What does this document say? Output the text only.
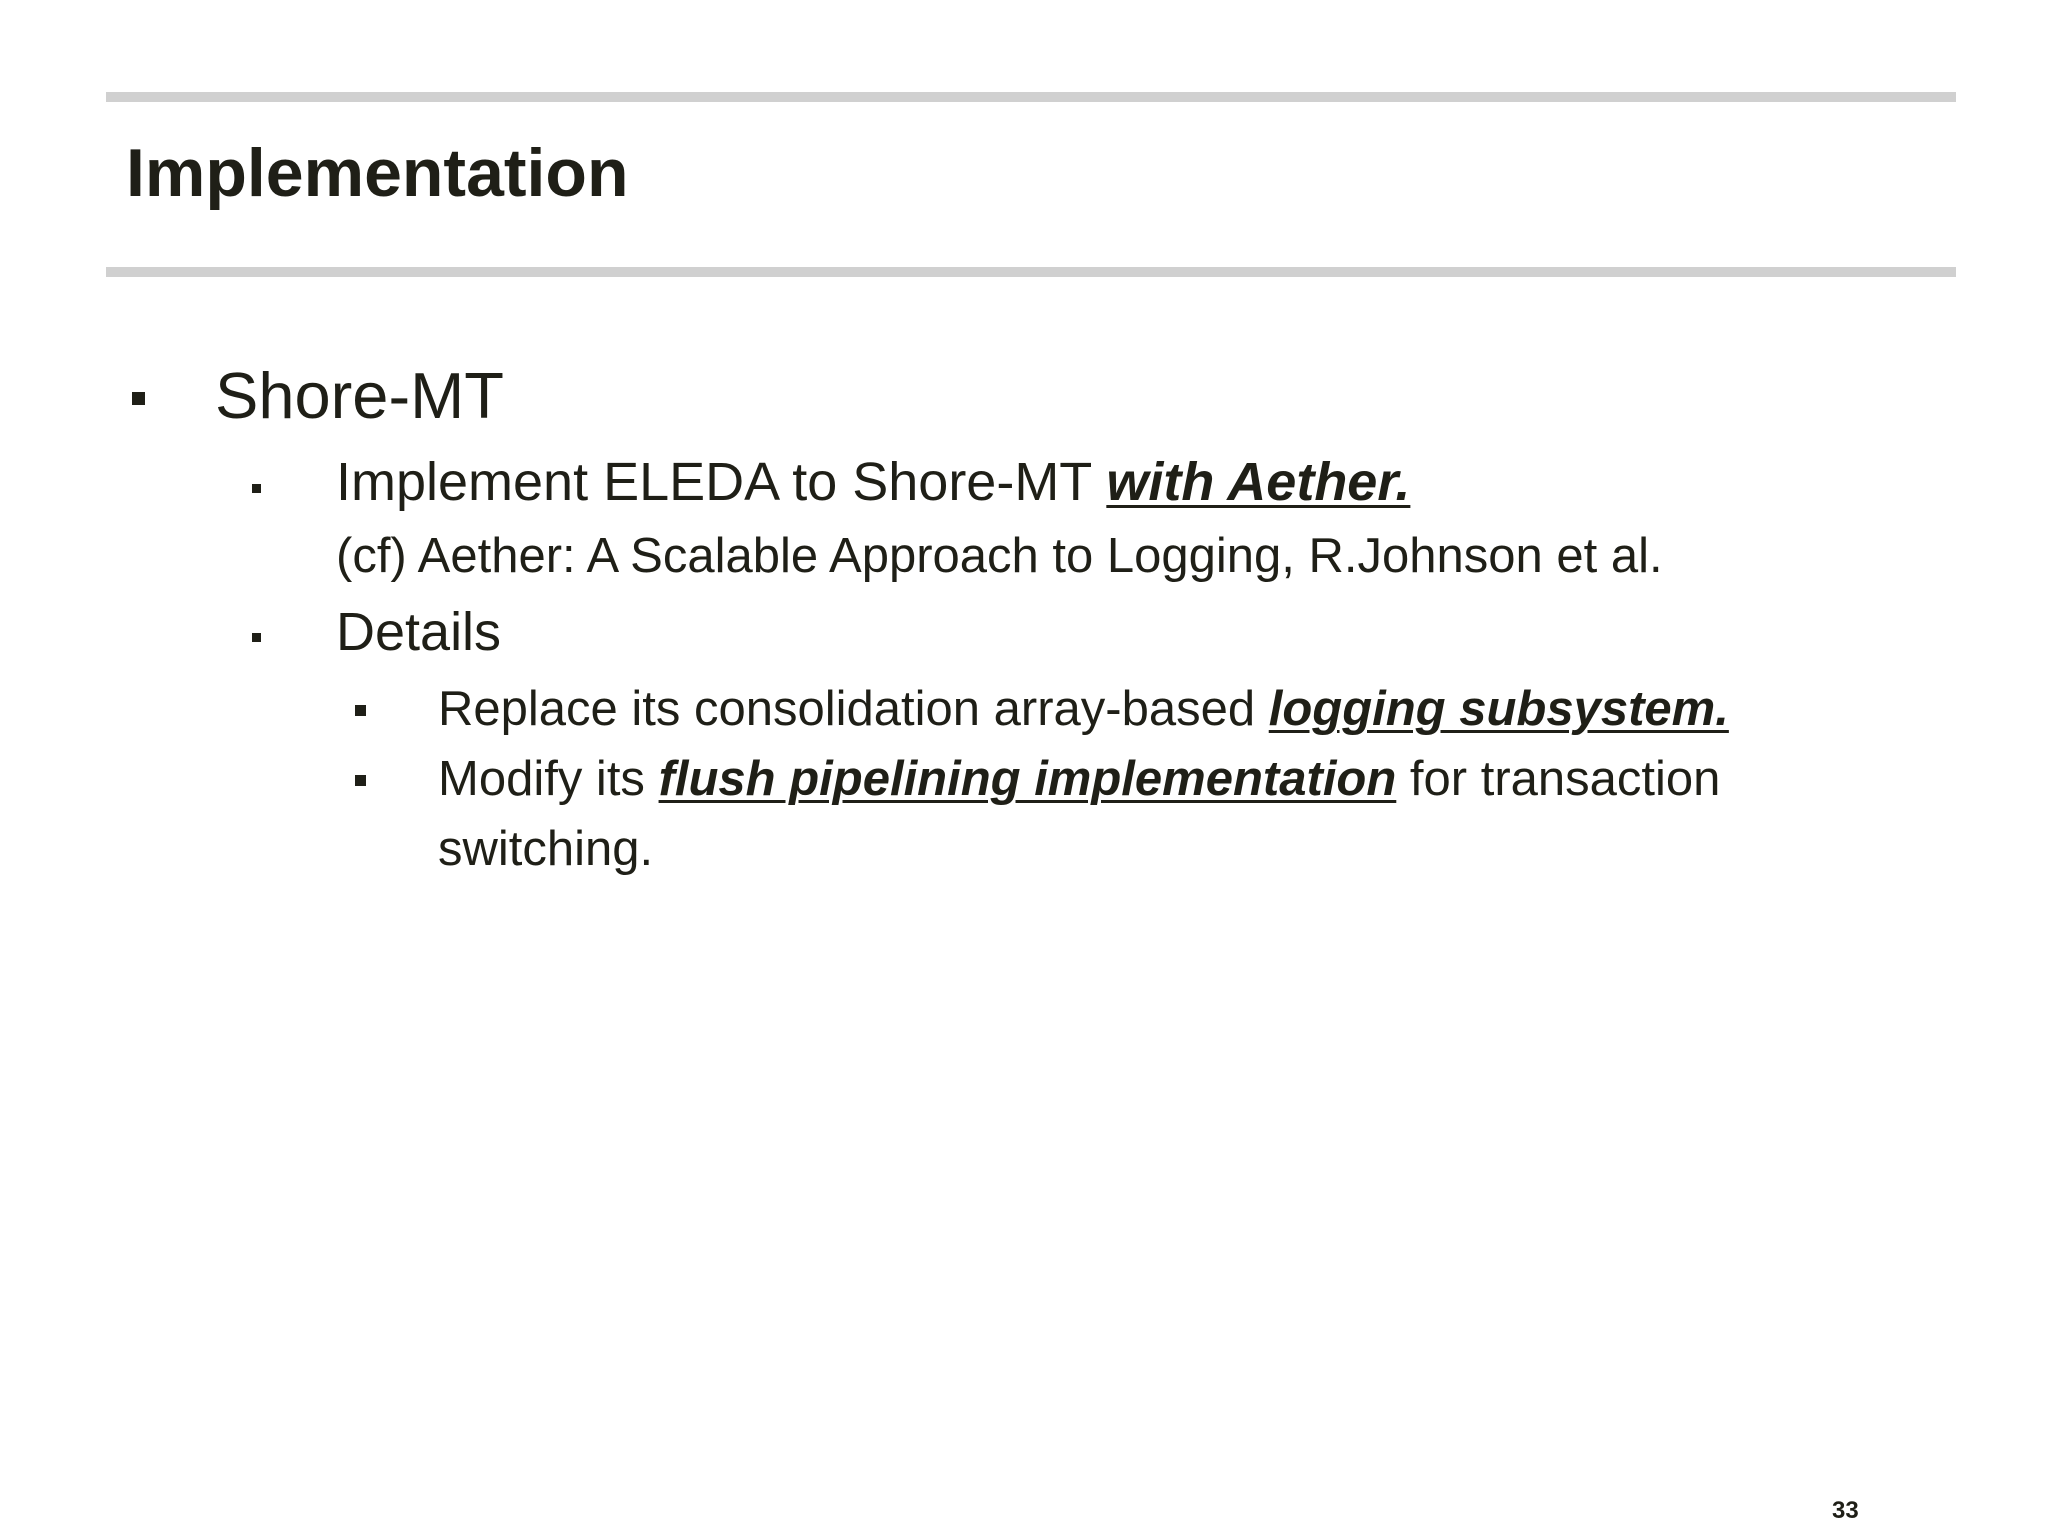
Implementation
Shore-MT
Implement ELEDA to Shore-MT with Aether.
(cf) Aether: A Scalable Approach to Logging, R.Johnson et al.
Details
Replace its consolidation array-based logging subsystem.
Modify its flush pipelining implementation for transaction
switching.
33
